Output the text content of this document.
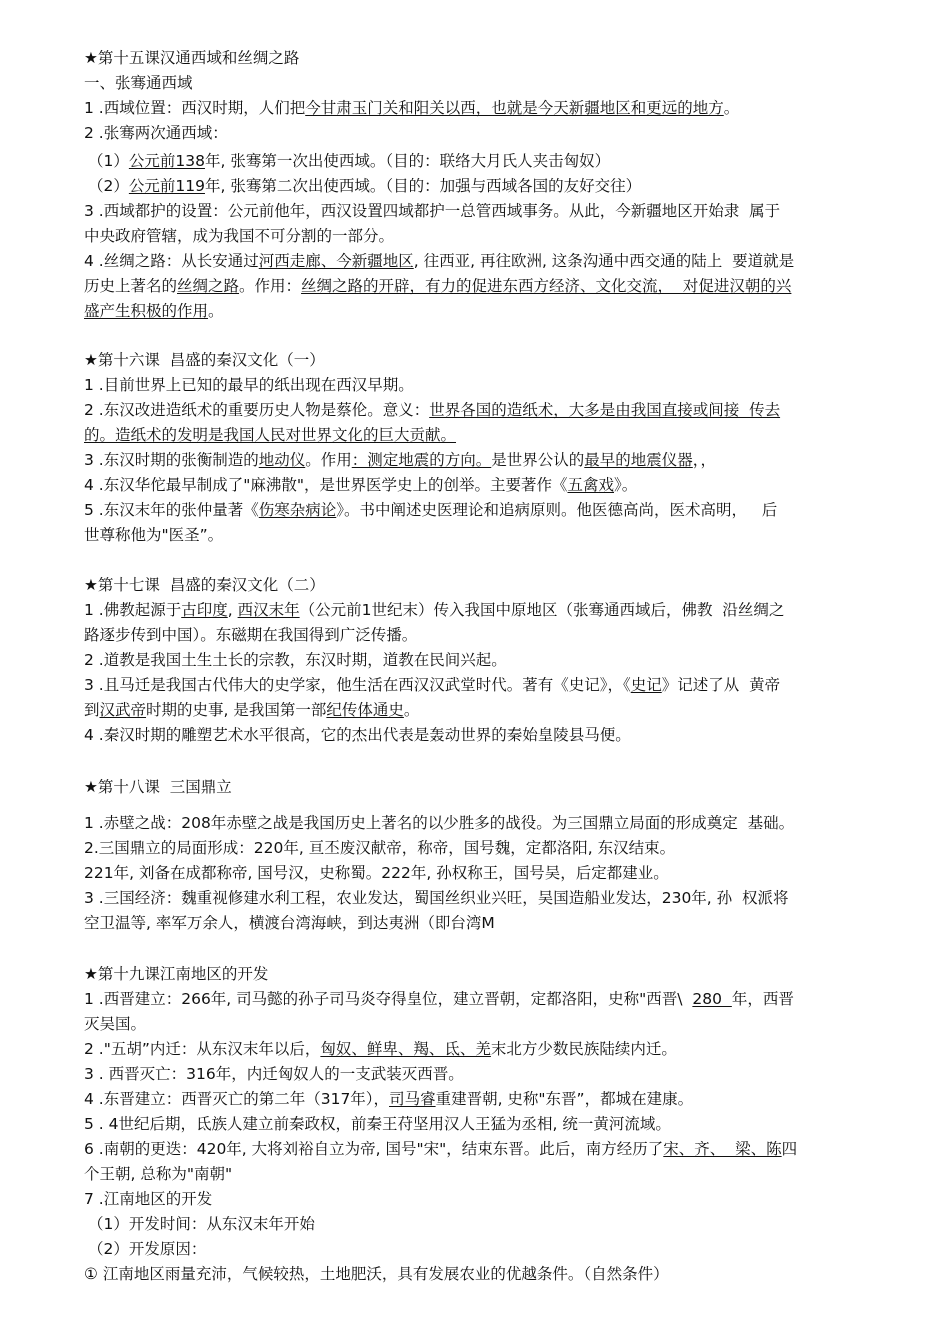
★第十五课汉通西域和丝绸之路
一、张骞通西域
1 .西域位置：西汉时期，人们把今甘肃玉门关和阳关以西，也就是今天新疆地区和更远的地方。
2 .张骞两次通西域：
（1）公元前138年, 张骞第一次出使西域。（目的：联络大月氏人夹击匈奴）
（2）公元前119年, 张骞第二次出使西域。（目的：加强与西域各国的友好交往）
3 .西域都护的设置：公元前他年，西汉设置四域都护一总管西域事务。从此，今新疆地区开始隶  属于
中央政府管辖，成为我国不可分割的一部分。
4 .丝绸之路：从长安通过河西走廊、今新疆地区, 往西亚, 再往欧洲, 这条沟通中西交通的陆上  要道就是
历史上著名的丝绸之路。作用：丝绸之路的开辟，有力的促进东西方经济、文化交流，  对促进汉朝的兴
盛产生积极的作用。
★第十六课  昌盛的秦汉文化（一）
1 .目前世界上已知的最早的纸出现在西汉早期。
2 .东汉改进造纸术的重要历史人物是蔡伦。意义：世界各国的造纸术，大多是由我国直接或间接  传去
的。造纸术的发明是我国人民对世界文化的巨大贡献。
3 .东汉时期的张衡制造的地动仪。作用：测定地震的方向。是世界公认的最早的地震仪器，，
4 .东汉华佗最早制成了"麻沸散"，是世界医学史上的创举。主要著作《五禽戏》。
5 .东汉末年的张仲量著《伤寒杂病论》。书中阐述史医理论和追病原则。他医德高尚，医术高明，   后
世尊称他为"医圣”。
★第十七课  昌盛的秦汉文化（二）
1 .佛教起源于古印度, 西汉末年（公元前1世纪末）传入我国中原地区（张骞通西域后，佛教  沿丝绸之
路逐步传到中国）。东磁期在我国得到广泛传播。
2 .道教是我国土生土长的宗教，东汉时期，道教在民间兴起。
3 .且马迁是我国古代伟大的史学家，他生活在西汉汉武堂时代。著有《史记》，《史记》记述了从  黄帝
到汉武帝时期的史事, 是我国第一部纪传体通史。
4 .秦汉时期的雕塑艺术水平很高，它的杰出代表是轰动世界的秦始皇陵县马便。
★第十八课  三国鼎立
1 .赤壁之战：208年赤壁之战是我国历史上著名的以少胜多的战役。为三国鼎立局面的形成奠定  基础。
2.三国鼎立的局面形成：220年, 亘丕废汉献帝，称帝，国号魏，定都洛阳, 东汉结束。
221年, 刘备在成都称帝, 国号汉，史称蜀。222年, 孙权称王，国号吴，后定都建业。
3 .三国经济：魏重视修建水利工程，农业发达，蜀国丝织业兴旺，吴国造船业发达，230年, 孙  权派将
空卫温等, 率军万余人，横渡台湾海峡，到达夷洲（即台湾M
★第十九课江南地区的开发
1 .西晋建立：266年, 司马懿的孙子司马炎夺得皇位，建立晋朝，定都洛阳，史称"西晋\  280  年，西晋
灭吴国。
2 ."五胡”内迁：从东汉末年以后，匈奴、鲜卑、羯、氐、羌末北方少数民族陆续内迁。
3 . 西晋灭亡：316年，内迁匈奴人的一支武装灭西晋。
4 .东晋建立：西晋灭亡的第二年（317年），司马睿重建晋朝, 史称"东晋”，都城在建康。
5 . 4世纪后期，氐族人建立前秦政权，前秦王苻坚用汉人王猛为丞相, 统一黄河流域。
6 .南朝的更迭：420年, 大将刘裕自立为帝, 国号"宋"，结束东晋。此后，南方经历了宋、齐、  梁、陈四
个王朝, 总称为"南朝"
7 .江南地区的开发
（1）开发时间：从东汉末年开始
（2）开发原因：
① 江南地区雨量充沛，气候较热，土地肥沃，具有发展农业的优越条件。（自然条件）
